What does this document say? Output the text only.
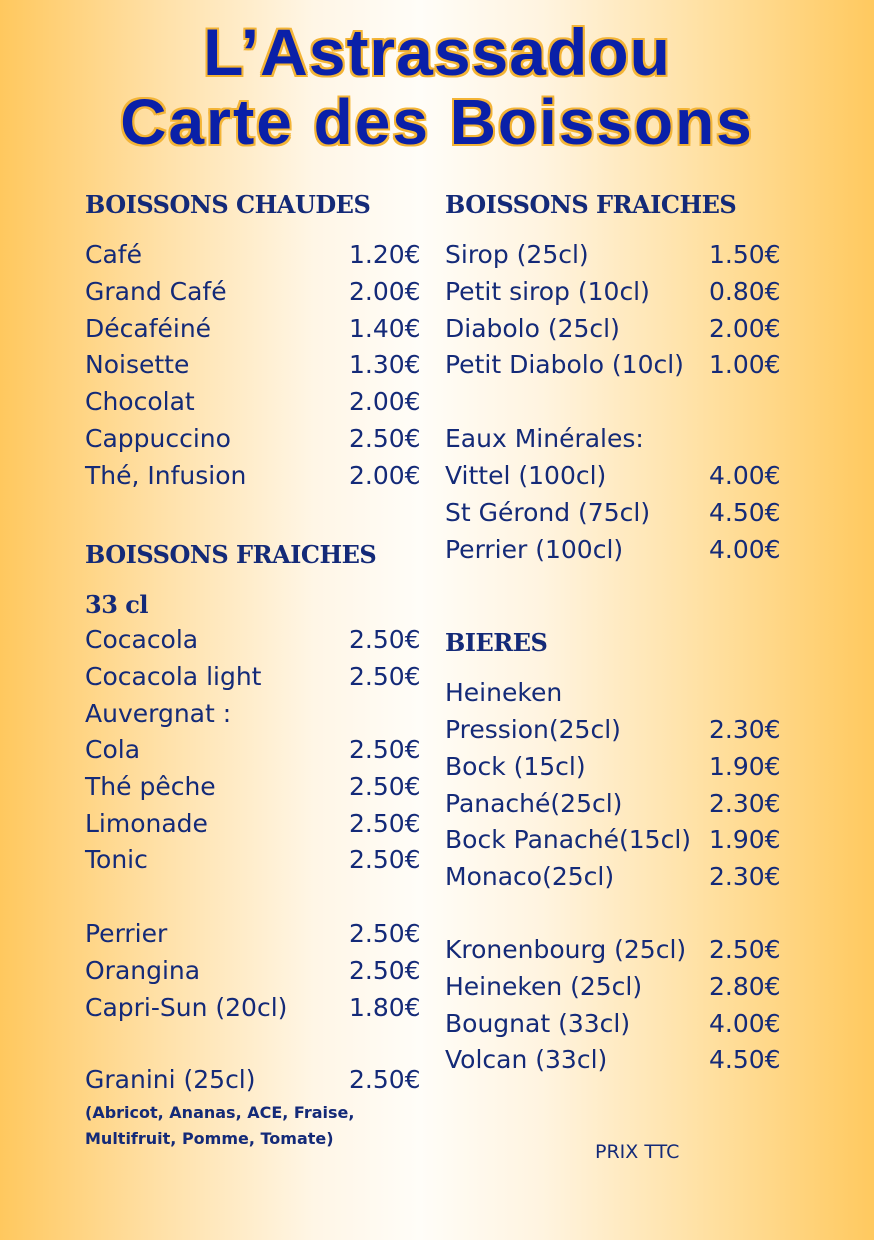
L’Astrassadou
Carte des Boissons
BOISSONS CHAUDES
Café	1.20€
Grand Café	2.00€
Décaféiné	1.40€
Noisette	1.30€
Chocolat	2.00€
Cappuccino	2.50€
Thé, Infusion	2.00€
BOISSONS FRAICHES
33 cl
Cocacola	2.50€
Cocacola light	2.50€
Auvergnat :
Cola	2.50€
Thé pêche	2.50€
Limonade	2.50€
Tonic	2.50€
Perrier	2.50€
Orangina	2.50€
Capri-Sun (20cl) 1.80€
Granini (25cl)	2.50€
(Abricot, Ananas, ACE, Fraise,
Multifruit, Pomme, Tomate)
BOISSONS FRAICHES
Sirop (25cl)	1.50€
Petit sirop (10cl) 0.80€
Diabolo (25cl)	2.00€
Petit Diabolo (10cl) 1.00€
Eaux Minérales:
Vittel (100cl)	4.00€
St Gérond (75cl) 4.50€
Perrier (100cl)	4.00€
BIERES
Heineken
Pression(25cl)	2.30€
Bock (15cl)	1.90€
Panaché(25cl)	2.30€
Bock Panaché(15cl) 1.90€
Monaco(25cl)	2.30€
Kronenbourg (25cl) 2.50€
Heineken (25cl)	2.80€
Bougnat (33cl)	4.00€
Volcan (33cl)	4.50€
PRIX TTC
